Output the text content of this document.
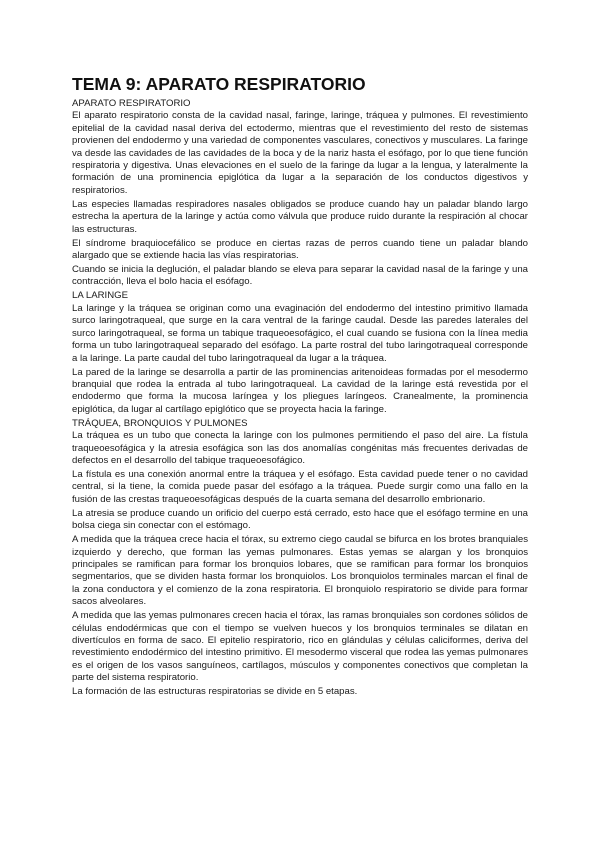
TEMA 9: APARATO RESPIRATORIO
APARATO RESPIRATORIO

El aparato respiratorio consta de la cavidad nasal, faringe, laringe, tráquea y pulmones. El revestimiento epitelial de la cavidad nasal deriva del ectodermo, mientras que el revestimiento del resto de sistemas provienen del endodermo y una variedad de componentes vasculares, conectivos y musculares. La faringe va desde las cavidades de las cavidades de la boca y de la nariz hasta el esófago, por lo que tiene función respiratoria y digestiva. Unas elevaciones en el suelo de la faringe da lugar a la lengua, y lateralmente la formación de una prominencia epiglótica da lugar a la separación de los conductos digestivos y respiratorios.

Las especies llamadas respiradores nasales obligados se produce cuando hay un paladar blando largo estrecha la apertura de la laringe y actúa como válvula que produce ruido durante la respiración al chocar las estructuras.

El síndrome braquiocefálico se produce en ciertas razas de perros cuando tiene un paladar blando alargado que se extiende hacia las vías respiratorias.

Cuando se inicia la deglución, el paladar blando se eleva para separar la cavidad nasal de la faringe y una contracción, lleva el bolo hacia el esófago.

LA LARINGE

La laringe y la tráquea se originan como una evaginación del endodermo del intestino primitivo llamada surco laringotraqueal, que surge en la cara ventral de la faringe caudal. Desde las paredes laterales del surco laringotraqueal, se forma un tabique traqueoesofágico, el cual cuando se fusiona con la línea media forma un tubo laringotraqueal separado del esófago. La parte rostral del tubo laringotraqueal corresponde a la laringe. La parte caudal del tubo laringotraqueal da lugar a la tráquea.

La pared de la laringe se desarrolla a partir de las prominencias aritenoideas formadas por el mesodermo branquial que rodea la entrada al tubo laringotraqueal. La cavidad de la laringe está revestida por el endodermo que forma la mucosa laríngea y los pliegues laríngeos. Cranealmente, la prominencia epiglótica, da lugar al cartílago epiglótico que se proyecta hacia la faringe.

TRÁQUEA, BRONQUIOS Y PULMONES

La tráquea es un tubo que conecta la laringe con los pulmones permitiendo el paso del aire. La fístula traqueoesofágica y la atresia esofágica son las dos anomalías congénitas más frecuentes derivadas de defectos en el desarrollo del tabique traqueoesofágico.

La fístula es una conexión anormal entre la tráquea y el esófago. Esta cavidad puede tener o no cavidad central, si la tiene, la comida puede pasar del esófago a la tráquea. Puede surgir como una fallo en la fusión de las crestas traqueoesofágicas después de la cuarta semana del desarrollo embrionario.

La atresia se produce cuando un orificio del cuerpo está cerrado, esto hace que el esófago termine en una bolsa ciega sin conectar con el estómago.

A medida que la tráquea crece hacia el tórax, su extremo ciego caudal se bifurca en los brotes branquiales izquierdo y derecho, que forman las yemas pulmonares. Estas yemas se alargan y los bronquios principales se ramifican para formar los bronquios lobares, que se ramifican para formar los bronquios segmentarios, que se dividen hasta formar los bronquiolos. Los bronquiolos terminales marcan el final de la zona conductora y el comienzo de la zona respiratoria. El bronquiolo respiratorio se divide para formar sacos alveolares.

A medida que las yemas pulmonares crecen hacia el tórax, las ramas bronquiales son cordones sólidos de células endodérmicas que con el tiempo se vuelven huecos y los bronquios terminales se dilatan en divertículos en forma de saco. El epitelio respiratorio, rico en glándulas y células caliciformes, deriva del revestimiento endodérmico del intestino primitivo. El mesodermo visceral que rodea las yemas pulmonares es el origen de los vasos sanguíneos, cartílagos, músculos y componentes conectivos que completan la parte del sistema respiratorio.

La formación de las estructuras respiratorias se divide en 5 etapas.
